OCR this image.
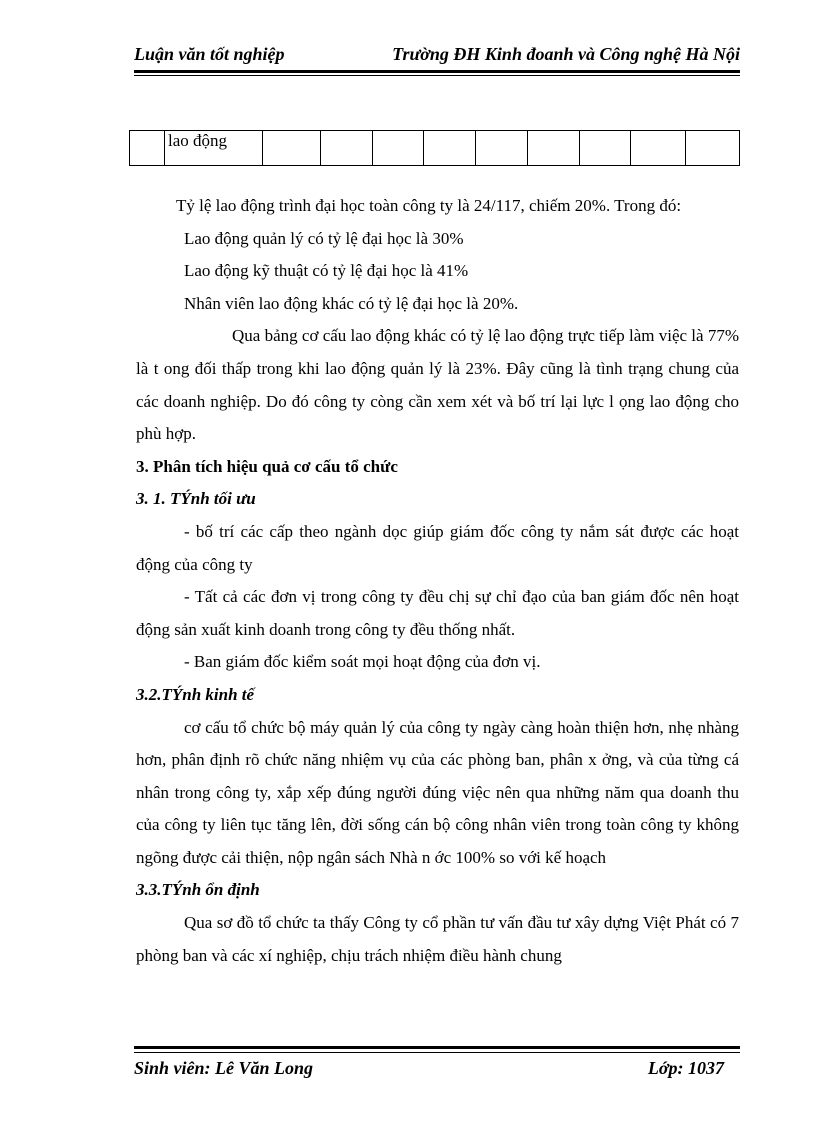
Luận văn tốt nghiệp	Trường ĐH Kinh đoanh và Công nghệ Hà Nội
	lao động									

Tỷ lệ lao động trình đại học toàn công ty là 24/117, chiếm 20%. Trong đó:

Lao động quản lý có tỷ lệ đại học là 30%

Lao động kỹ thuật có tỷ lệ đại học là 41%

Nhân viên lao động khác có tỷ lệ đại học là 20%.

Qua bảng cơ cấu lao động khác có tỷ lệ lao động trực tiếp làm việc là 77% là t ong đối thấp trong khi lao động quản lý là 23%. Đây cũng là tình trạng chung của các doanh nghiệp. Do đó công ty còng cần xem xét và bố trí lại lực l ọng lao động cho phù hợp.

3. Phân tích hiệu quả cơ cấu tổ chức

3. 1. TÝnh tối ưu

- bố trí các cấp theo ngành dọc giúp giám đốc công ty nắm sát được các hoạt động của công ty

- Tất cả các đơn vị trong công ty đều chị sự chỉ đạo của ban giám đốc nên hoạt động sản xuất kinh doanh trong công ty đều thống nhất.

- Ban giám đốc kiểm soát mọi hoạt động của đơn vị.

3.2.TÝnh kinh tế

cơ cấu tổ chức bộ máy quản lý của công ty ngày càng hoàn thiện hơn, nhẹ nhàng hơn, phân định rõ chức năng nhiệm vụ của các phòng ban, phân x ởng, và của từng cá nhân trong công ty, xắp xếp đúng người đúng việc nên qua những năm qua doanh thu của công ty liên tục tăng lên, đời sống cán bộ công nhân viên trong toàn công ty không ngõng được cải thiện, nộp ngân sách Nhà n ớc 100% so với kế hoạch

3.3.TÝnh ổn định

Qua sơ đồ tổ chức ta thấy Công ty cổ phần tư vấn đầu tư xây dựng Việt Phát có 7 phòng ban và các xí nghiệp, chịu trách nhiệm điều hành chung

Sinh viên: Lê Văn Long	Lớp: 1037
